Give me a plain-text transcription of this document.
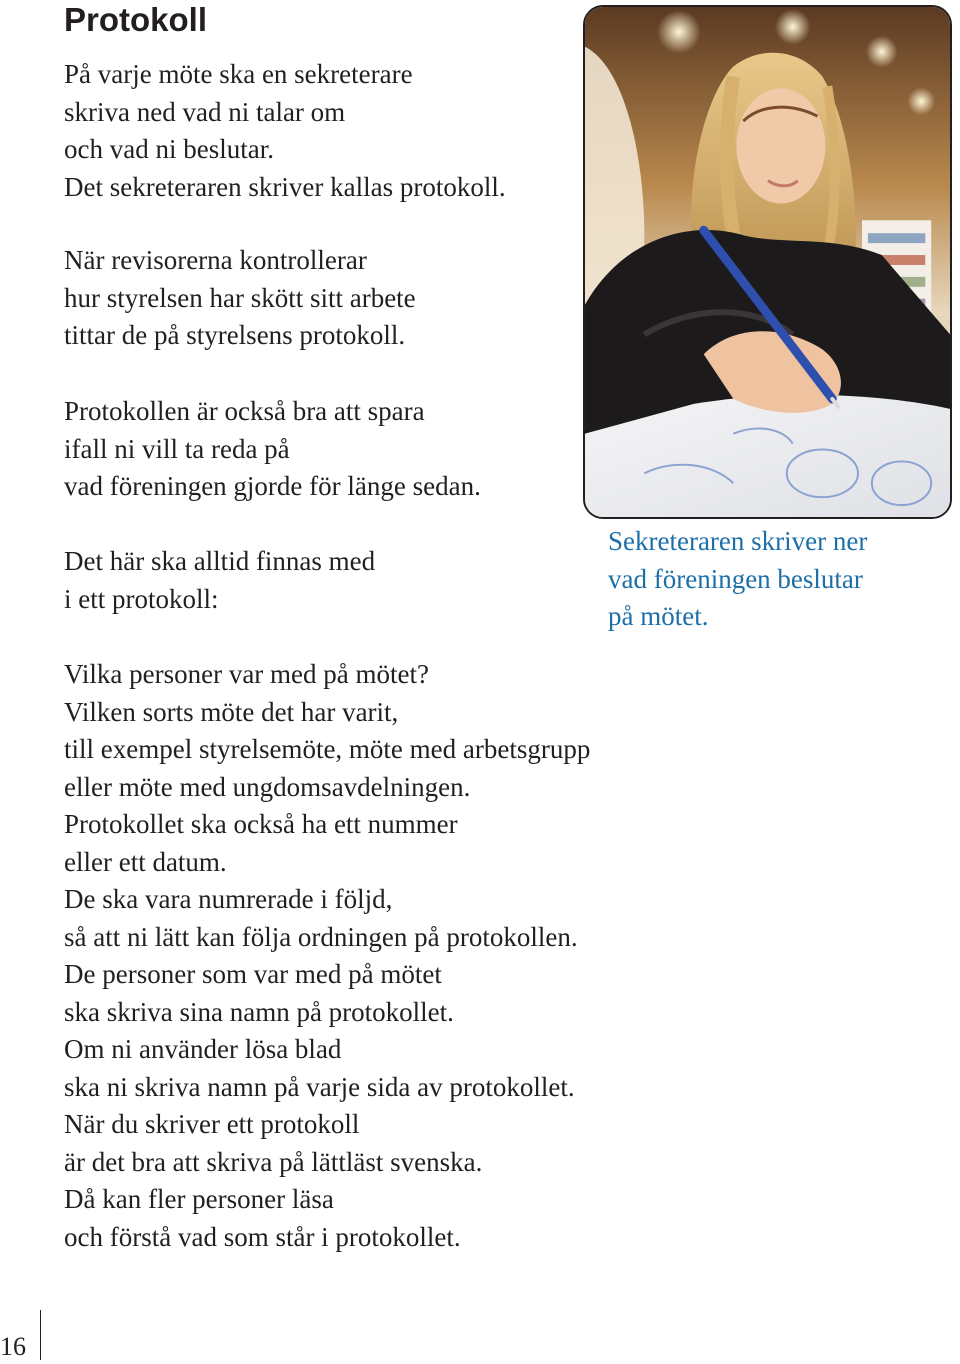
Protokoll
På varje möte ska en sekreterare
skriva ned vad ni talar om
och vad ni beslutar.
Det sekreteraren skriver kallas protokoll.
När revisorerna kontrollerar
hur styrelsen har skött sitt arbete
tittar de på styrelsens protokoll.
Protokollen är också bra att spara
ifall ni vill ta reda på
vad föreningen gjorde för länge sedan.
Det här ska alltid finnas med
i ett protokoll:
Vilka personer var med på mötet?
Vilken sorts möte det har varit,
till exempel styrelsemöte, möte med arbetsgrupp
eller möte med ungdomsavdelningen.
Protokollet ska också ha ett nummer
eller ett datum.
De ska vara numrerade i följd,
så att ni lätt kan följa ordningen på protokollen.
De personer som var med på mötet
ska skriva sina namn på protokollet.
Om ni använder lösa blad
ska ni skriva namn på varje sida av protokollet.
När du skriver ett protokoll
är det bra att skriva på lättläst svenska.
Då kan fler personer läsa
och förstå vad som står i protokollet.
Sekreteraren skriver ner
vad föreningen beslutar
på mötet.
16
